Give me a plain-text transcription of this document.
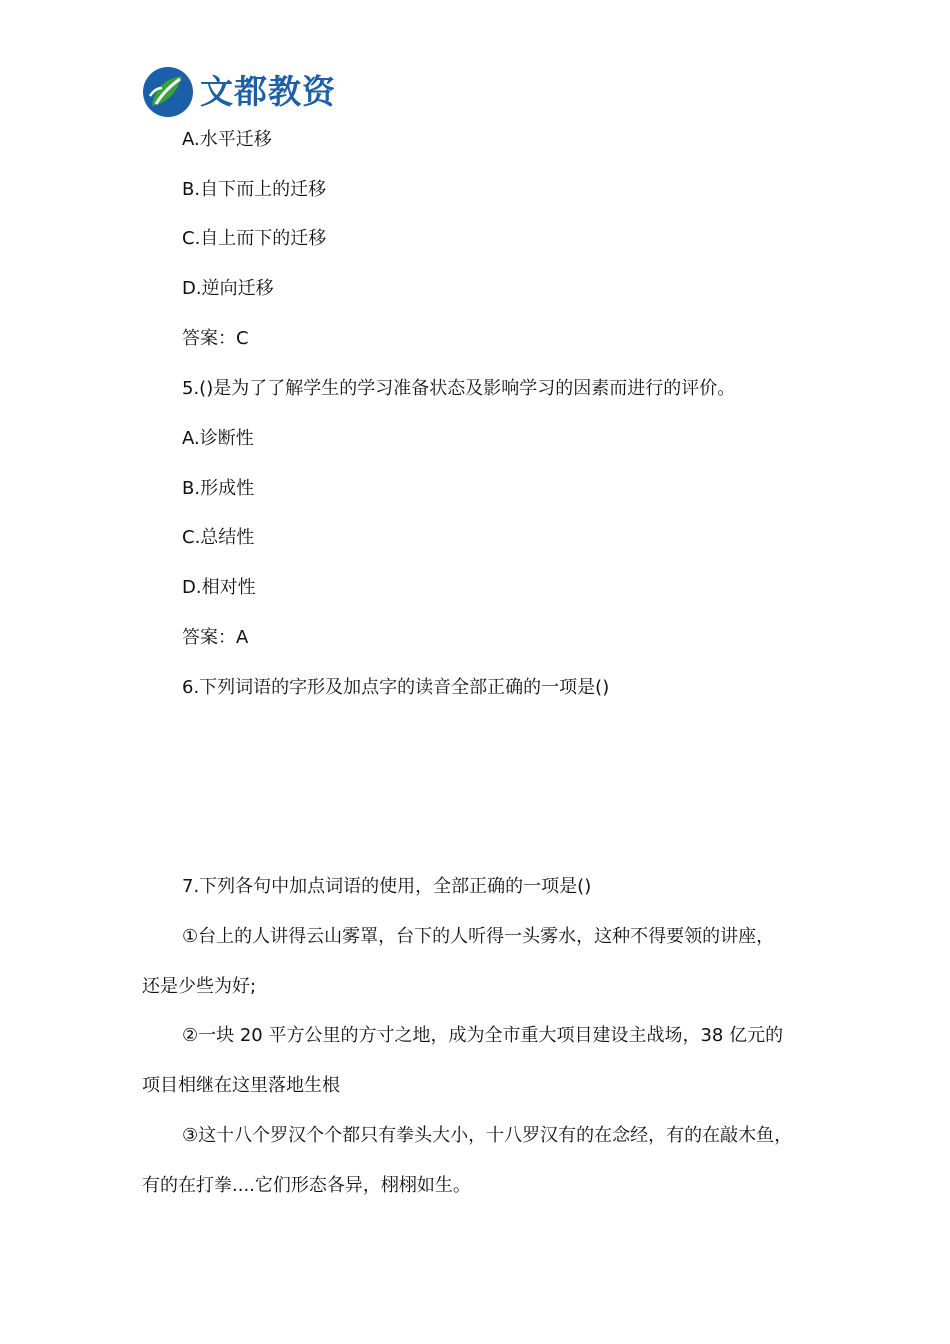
文都教资
A.水平迁移
B.自下而上的迁移
C.自上而下的迁移
D.逆向迁移
答案：C
5.()是为了了解学生的学习准备状态及影响学习的因素而进行的评价。
A.诊断性
B.形成性
C.总结性
D.相对性
答案：A
6.下列词语的字形及加点字的读音全部正确的一项是()
7.下列各句中加点词语的使用，全部正确的一项是()
①台上的人讲得云山雾罩，台下的人听得一头雾水，这种不得要领的讲座，
还是少些为好;
②一块 20 平方公里的方寸之地，成为全市重大项目建设主战场，38 亿元的
项目相继在这里落地生根
③这十八个罗汉个个都只有拳头大小，十八罗汉有的在念经，有的在敲木鱼，
有的在打拳....它们形态各异，栩栩如生。
